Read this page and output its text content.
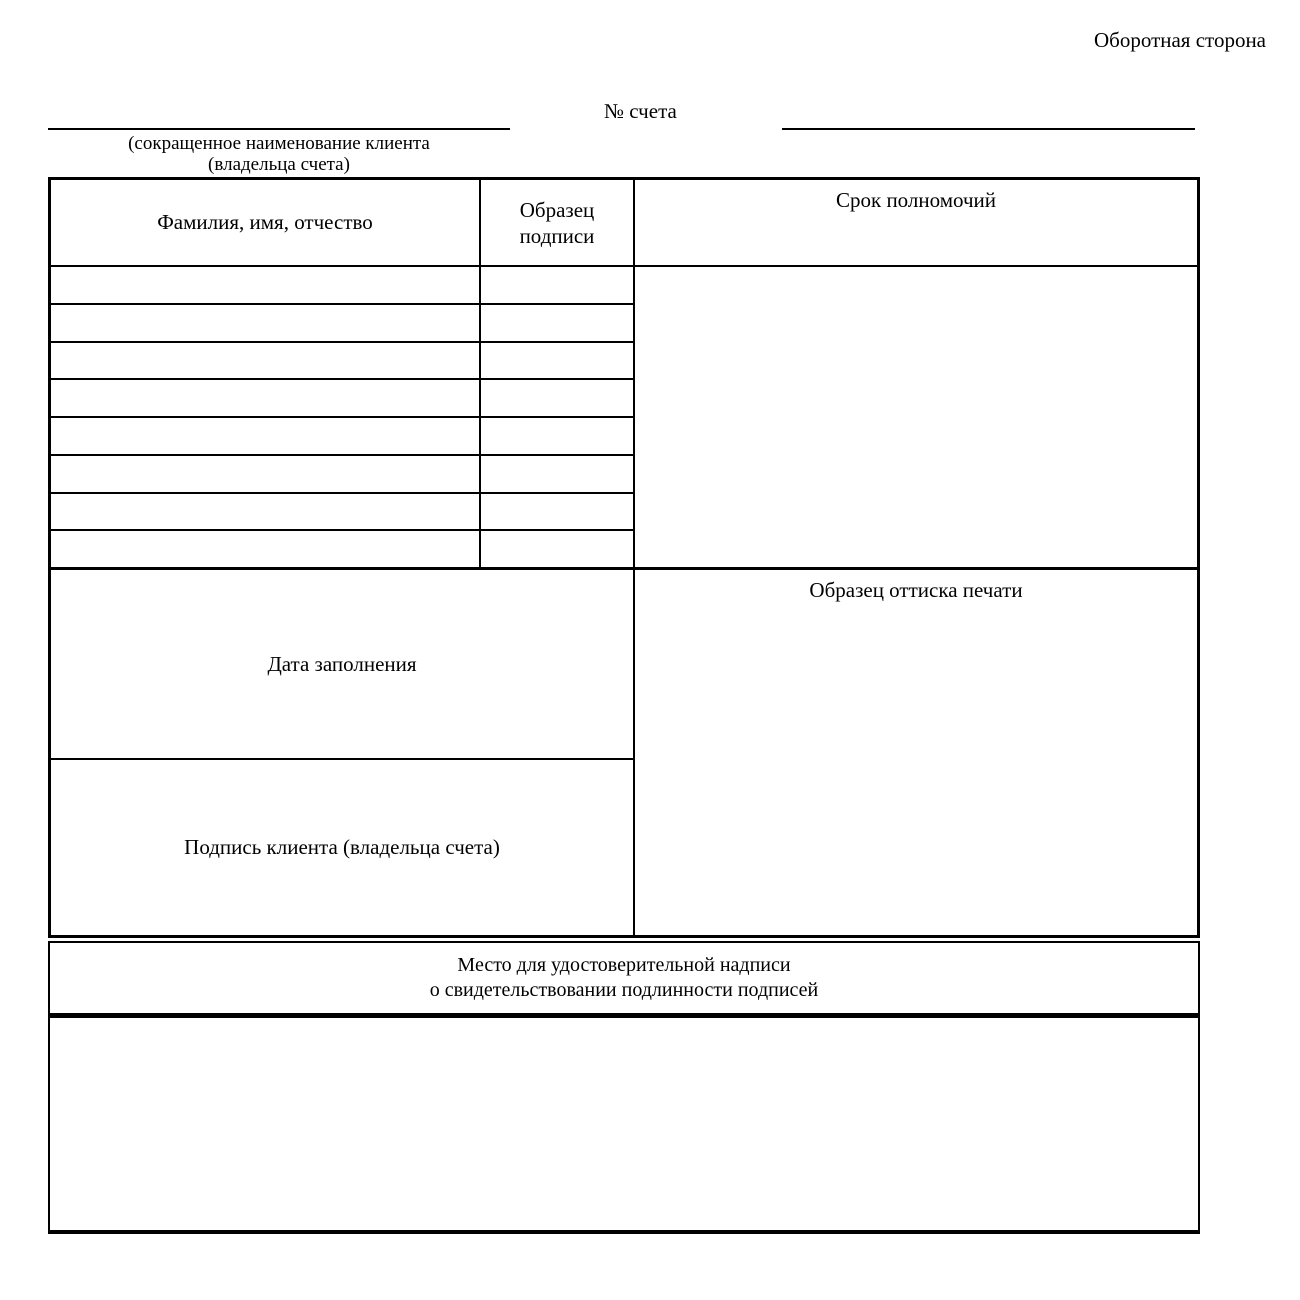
Оборотная сторона
№ счета
(сокращенное наименование клиента
(владельца счета)
Фамилия, имя, отчество
Образец подписи
Срок полномочий
Дата заполнения
Подпись клиента (владельца счета)
Образец оттиска печати
Место для удостоверительной надписи
о свидетельствовании подлинности подписей
